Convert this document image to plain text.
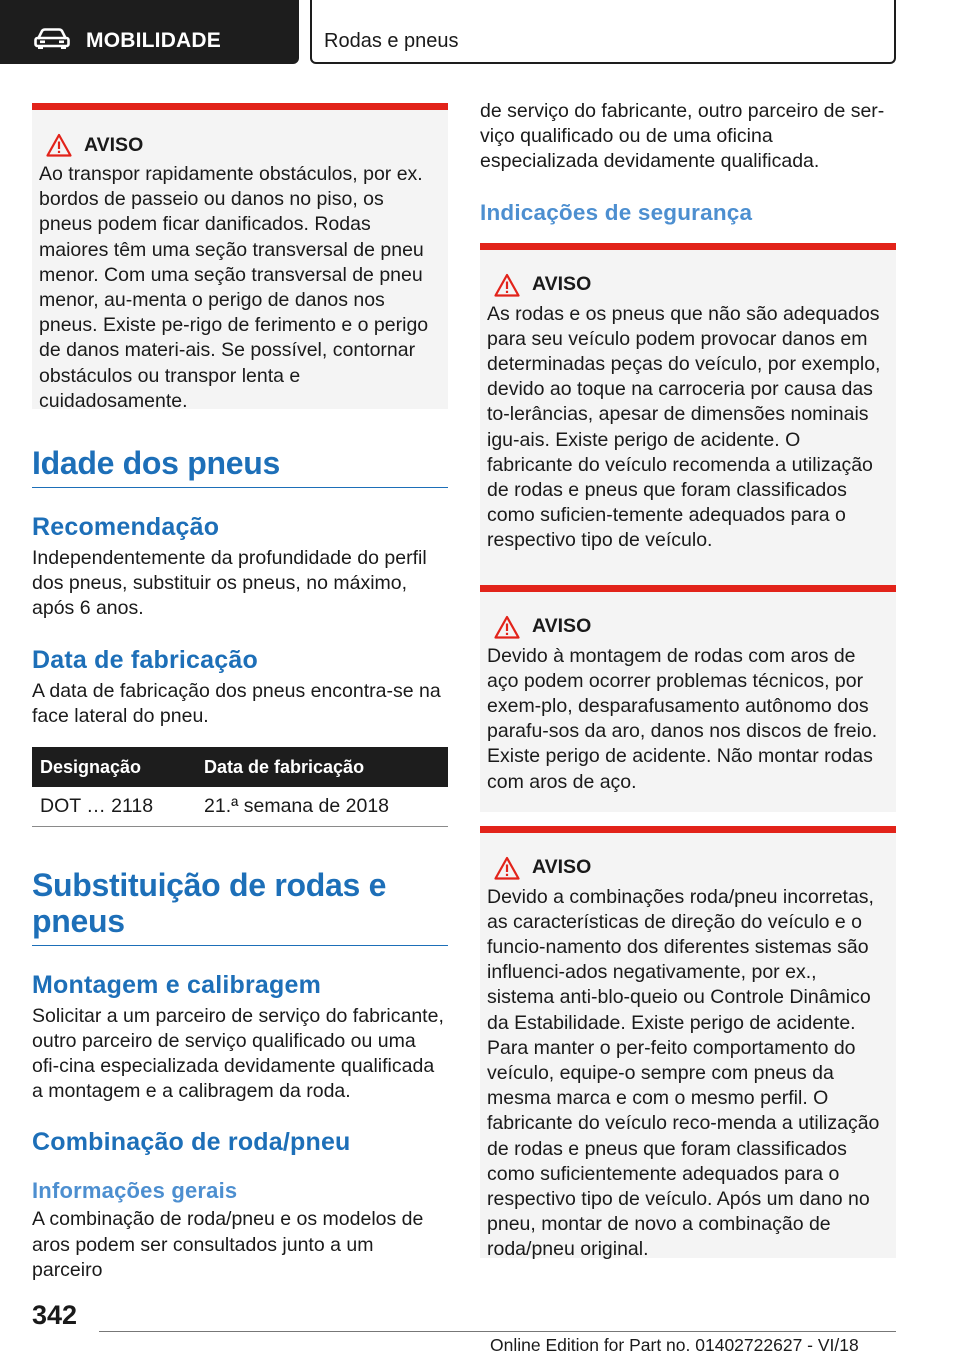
MOBILIDADE	Rodas e pneus
AVISO
Ao transpor rapidamente obstáculos, por ex. bordos de passeio ou danos no piso, os pneus podem ficar danificados. Rodas maiores têm uma seção transversal de pneu menor. Com uma seção transversal de pneu menor, au-menta o perigo de danos nos pneus. Existe pe-rigo de ferimento e o perigo de danos materi-ais. Se possível, contornar obstáculos ou transpor lenta e cuidadosamente.
Idade dos pneus
Recomendação
Independentemente da profundidade do perfil dos pneus, substituir os pneus, no máximo, após 6 anos.
Data de fabricação
A data de fabricação dos pneus encontra-se na face lateral do pneu.
Designação	Data de fabricação
DOT … 2118	21.ª semana de 2018
Substituição de rodas e pneus
Montagem e calibragem
Solicitar a um parceiro de serviço do fabricante, outro parceiro de serviço qualificado ou uma ofi-cina especializada devidamente qualificada a montagem e a calibragem da roda.
Combinação de roda/pneu
Informações gerais
A combinação de roda/pneu e os modelos de aros podem ser consultados junto a um parceiro
de serviço do fabricante, outro parceiro de ser-viço qualificado ou de uma oficina especializada devidamente qualificada.
Indicações de segurança
AVISO
As rodas e os pneus que não são adequados para seu veículo podem provocar danos em determinadas peças do veículo, por exemplo, devido ao toque na carroceria por causa das to-lerâncias, apesar de dimensões nominais igu-ais. Existe perigo de acidente. O fabricante do veículo recomenda a utilização de rodas e pneus que foram classificados como suficien-temente adequados para o respectivo tipo de veículo.
AVISO
Devido à montagem de rodas com aros de aço podem ocorrer problemas técnicos, por exem-plo, desparafusamento autônomo dos parafu-sos da aro, danos nos discos de freio. Existe perigo de acidente. Não montar rodas com aros de aço.
AVISO
Devido a combinações roda/pneu incorretas, as características de direção do veículo e o funcio-namento dos diferentes sistemas são influenci-ados negativamente, por ex., sistema anti-blo-queio ou Controle Dinâmico da Estabilidade. Existe perigo de acidente. Para manter o per-feito comportamento do veículo, equipe-o sempre com pneus da mesma marca e com o mesmo perfil. O fabricante do veículo reco-menda a utilização de rodas e pneus que foram classificados como suficientemente adequados para o respectivo tipo de veículo. Após um dano no pneu, montar de novo a combinação de roda/pneu original.
342
Online Edition for Part no. 01402722627 - VI/18
